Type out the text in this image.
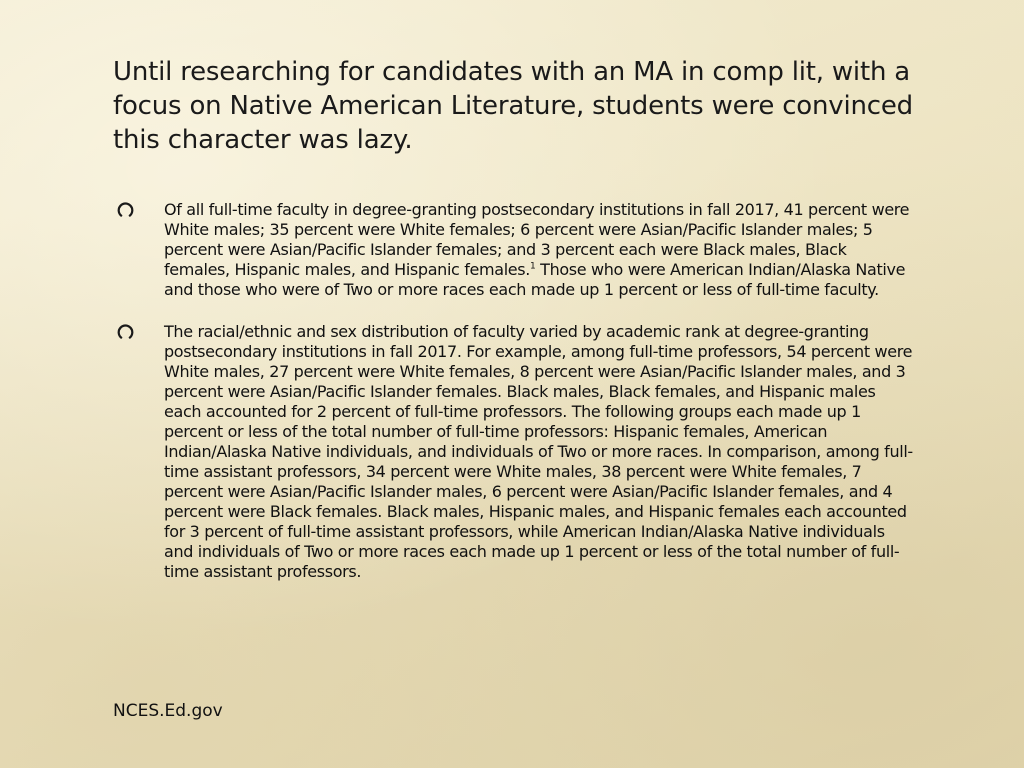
Until researching for candidates with an MA in comp lit, with a focus on Native American Literature, students were convinced this character was lazy.
Of all full-time faculty in degree-granting postsecondary institutions in fall 2017, 41 percent were White males; 35 percent were White females; 6 percent were Asian/Pacific Islander males; 5 percent were Asian/Pacific Islander females; and 3 percent each were Black males, Black females, Hispanic males, and Hispanic females.$^1$ Those who were American Indian/Alaska Native and those who were of Two or more races each made up 1 percent or less of full-time faculty.
The racial/ethnic and sex distribution of faculty varied by academic rank at degree-granting postsecondary institutions in fall 2017. For example, among full-time professors, 54 percent were White males, 27 percent were White females, 8 percent were Asian/Pacific Islander males, and 3 percent were Asian/Pacific Islander females. Black males, Black females, and Hispanic males each accounted for 2 percent of full-time professors. The following groups each made up 1 percent or less of the total number of full-time professors: Hispanic females, American Indian/Alaska Native individuals, and individuals of Two or more races. In comparison, among full-time assistant professors, 34 percent were White males, 38 percent were White females, 7 percent were Asian/Pacific Islander males, 6 percent were Asian/Pacific Islander females, and 4 percent were Black females. Black males, Hispanic males, and Hispanic females each accounted for 3 percent of full-time assistant professors, while American Indian/Alaska Native individuals and individuals of Two or more races each made up 1 percent or less of the total number of full-time assistant professors.
NCES.Ed.gov
